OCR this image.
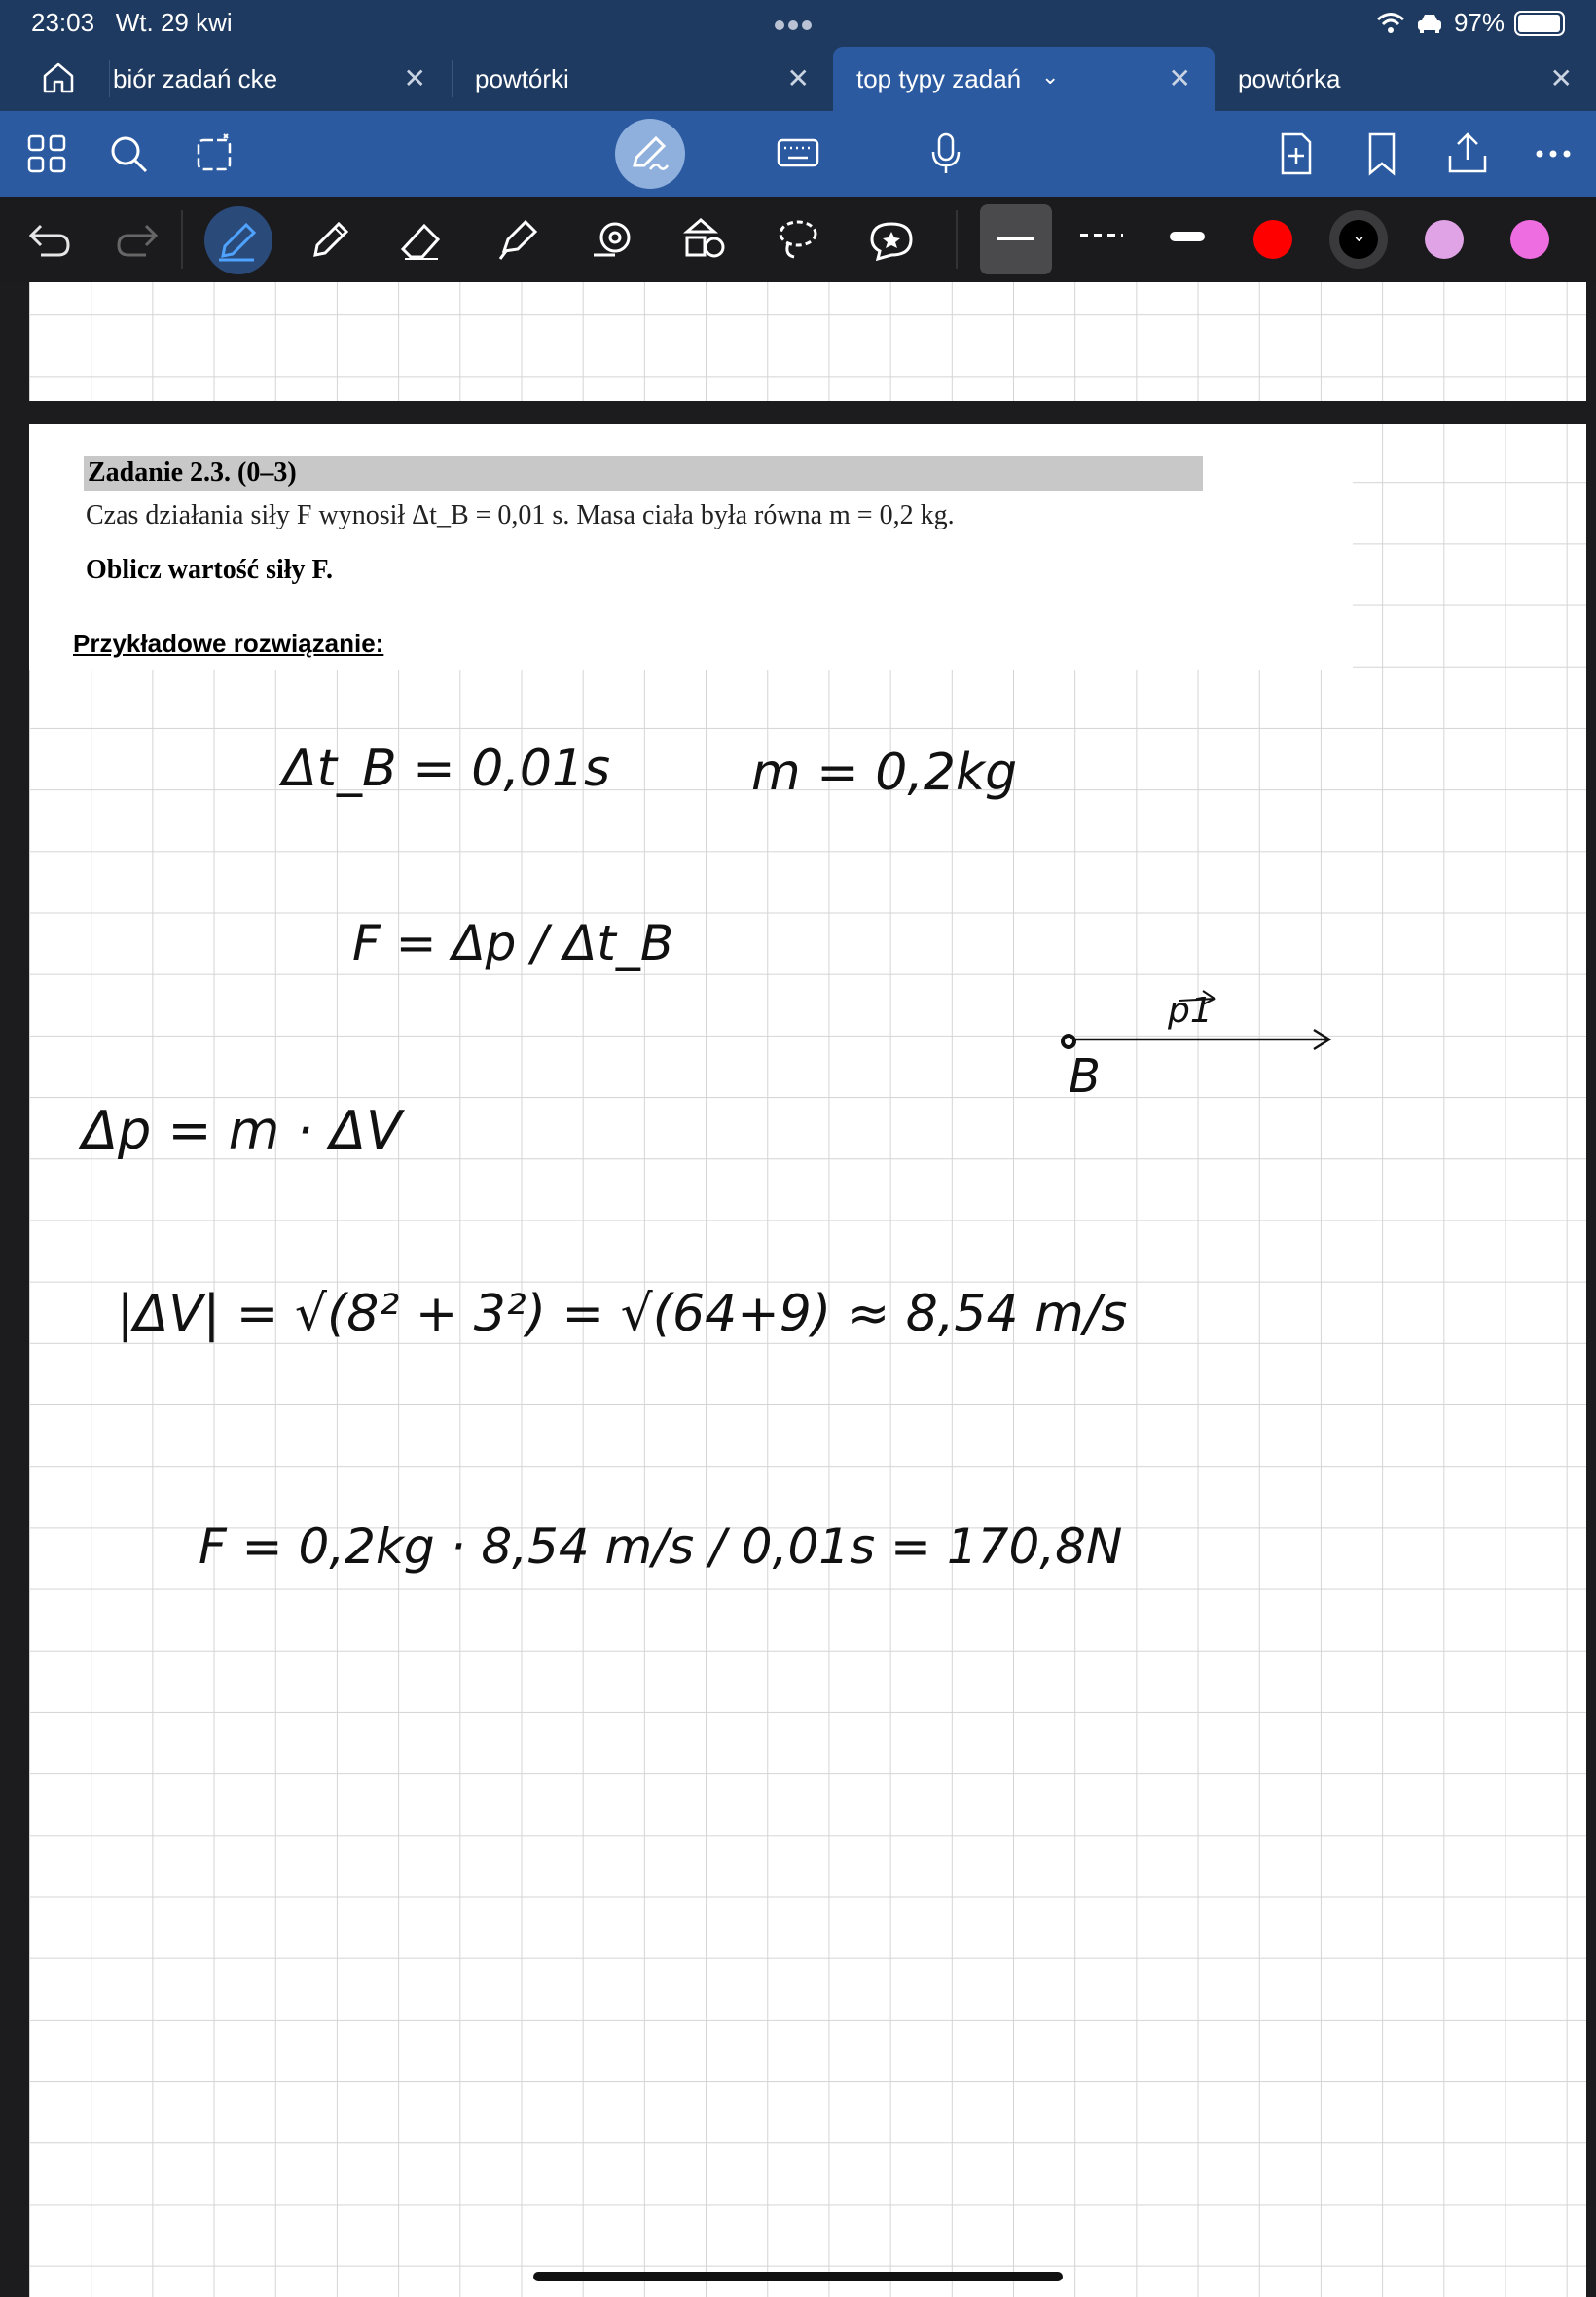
23:03 Wt. 29 kwi	97%
biór zadań cke	✕ powtórki	✕ top typy zadań ⌄	✕ powtórka	✕
⌄
Zadanie 2.3. (0–3)
Czas działania siły F wynosił Δt_B = 0,01 s. Masa ciała była równa m = 0,2 kg.
Oblicz wartość siły F.
Przykładowe rozwiązanie:
Δt_B = 0,01s	m = 0,2kg
F = Δp / Δt_B
Δp = m · ΔV
|ΔV| = √(8² + 3²) = √(64+9) ≈ 8,54 m/s
F = 0,2kg · 8,54 m/s / 0,01s = 170,8N
p1
B
